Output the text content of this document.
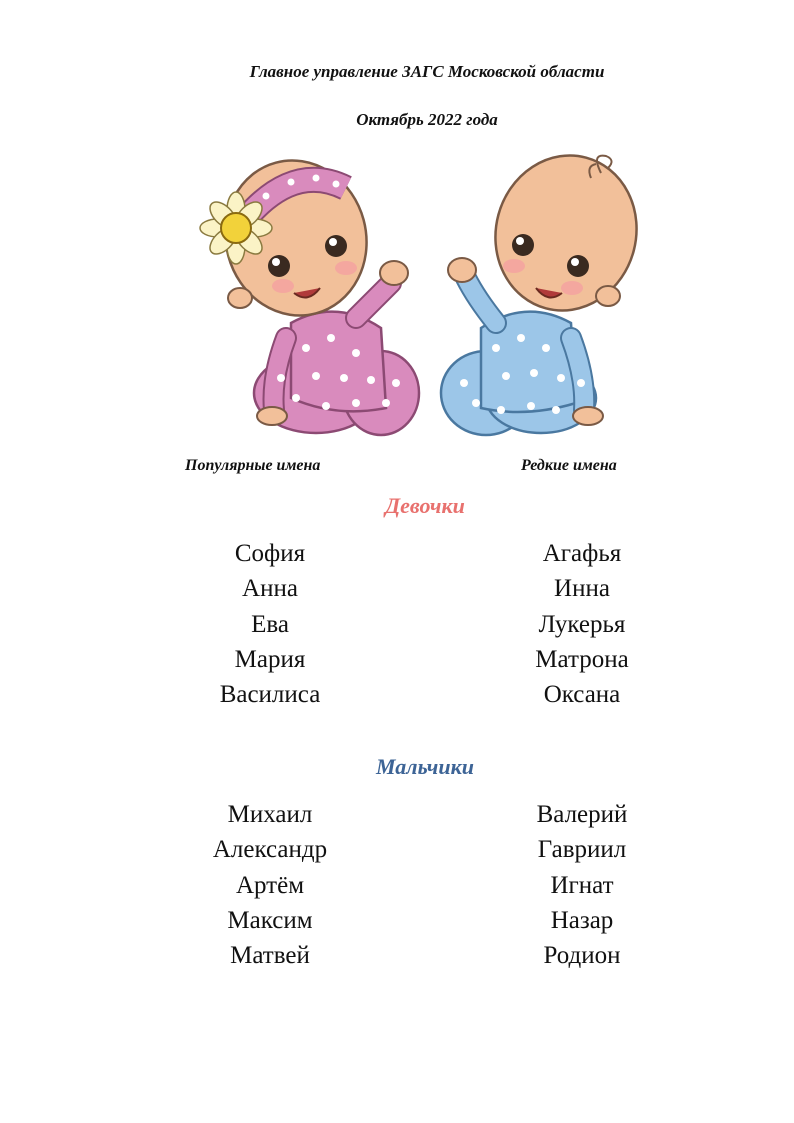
Главное управление ЗАГС Московской области
Октябрь 2022 года
Популярные имена	Редкие имена
Девочки
София
Анна
Ева
Мария
Василиса
Агафья
Инна
Лукерья
Матрона
Оксана
Мальчики
Михаил
Александр
Артём
Максим
Матвей
Валерий
Гавриил
Игнат
Назар
Родион
